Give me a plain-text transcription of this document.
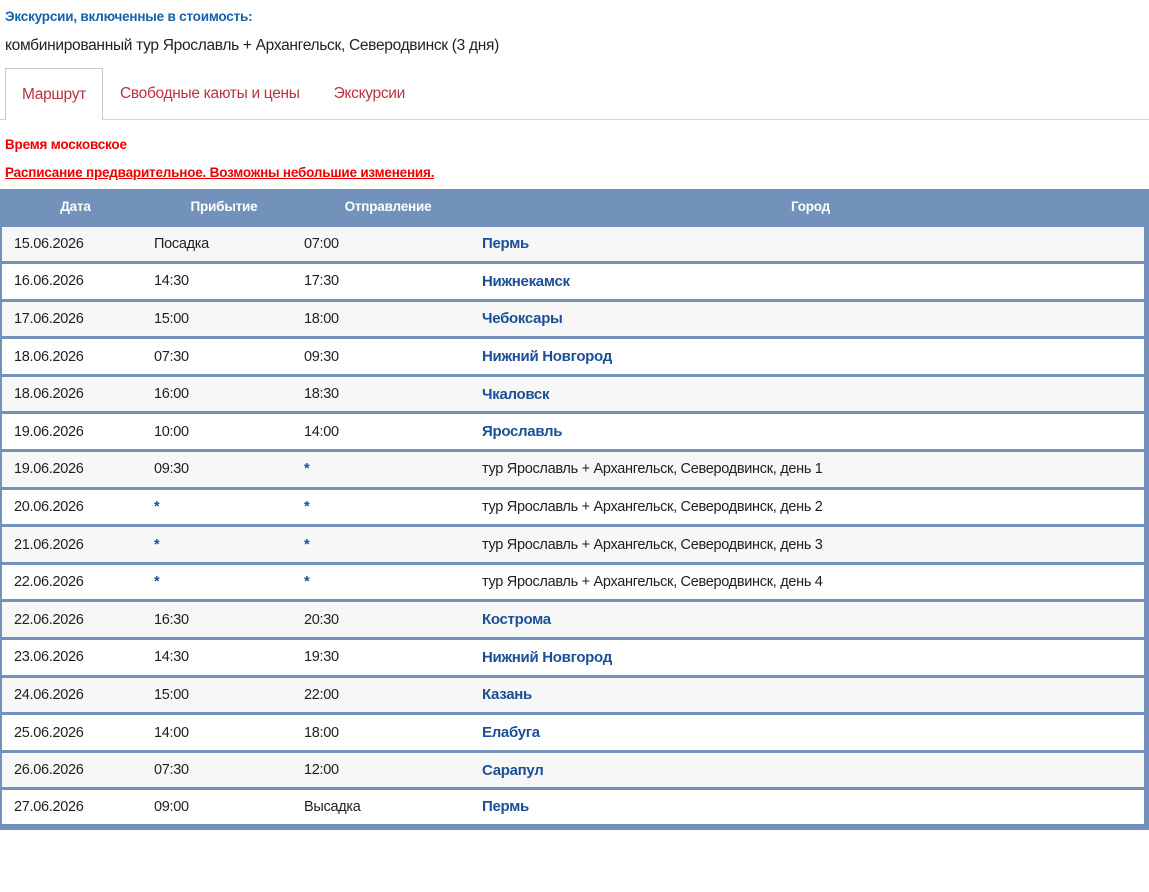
Экскурсии, включенные в стоимость:
комбинированный тур Ярославль + Архангельск, Северодвинск (3 дня)
Маршрут	Свободные каюты и цены	Экскурсии
Время московское
Расписание предварительное. Возможны небольшие изменения.
Дата	Прибытие	Отправление	Город
15.06.2026	Посадка	07:00	Пермь
16.06.2026	14:30	17:30	Нижнекамск
17.06.2026	15:00	18:00	Чебоксары
18.06.2026	07:30	09:30	Нижний Новгород
18.06.2026	16:00	18:30	Чкаловск
19.06.2026	10:00	14:00	Ярославль
19.06.2026	09:30	*	тур Ярославль + Архангельск, Северодвинск, день 1
20.06.2026	*	*	тур Ярославль + Архангельск, Северодвинск, день 2
21.06.2026	*	*	тур Ярославль + Архангельск, Северодвинск, день 3
22.06.2026	*	*	тур Ярославль + Архангельск, Северодвинск, день 4
22.06.2026	16:30	20:30	Кострома
23.06.2026	14:30	19:30	Нижний Новгород
24.06.2026	15:00	22:00	Казань
25.06.2026	14:00	18:00	Елабуга
26.06.2026	07:30	12:00	Сарапул
27.06.2026	09:00	Высадка	Пермь
